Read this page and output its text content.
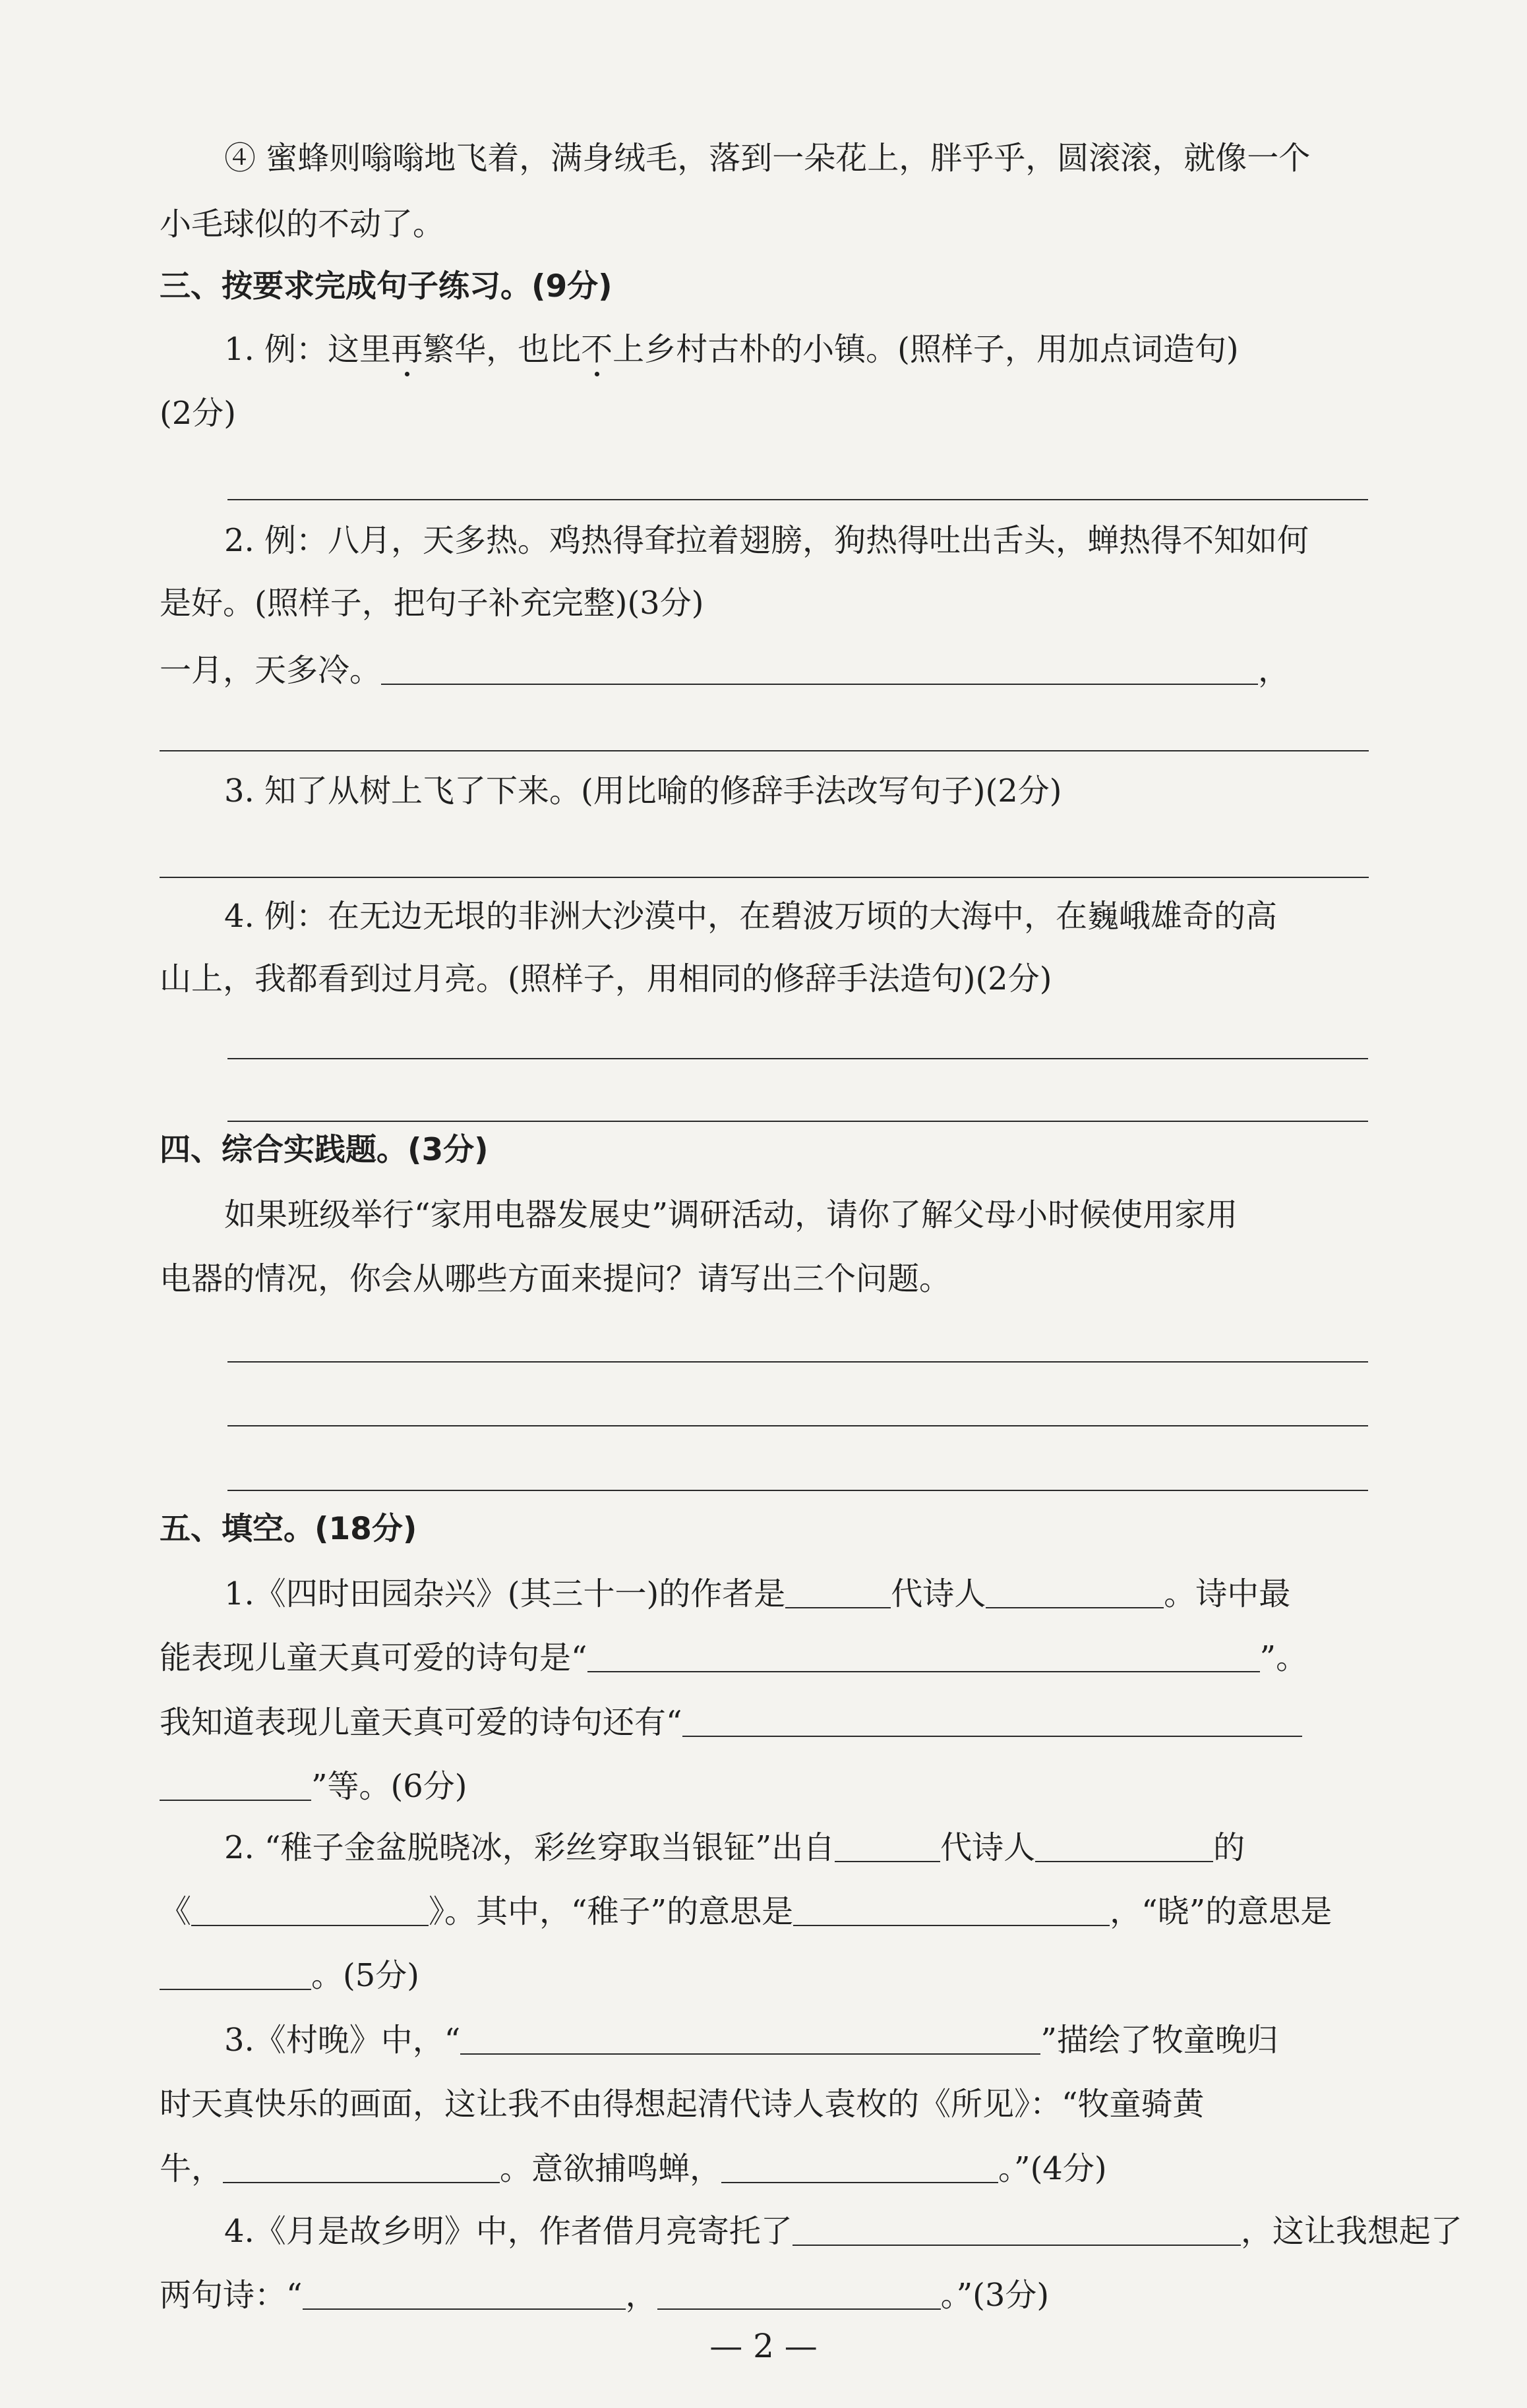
④ 蜜蜂则嗡嗡地飞着，满身绒毛，落到一朵花上，胖乎乎，圆滚滚，就像一个
小毛球似的不动了。
三、按要求完成句子练习。(9分)
1. 例：这里再繁华，也比不上乡村古朴的小镇。(照样子，用加点词造句)
(2分)
2. 例：八月，天多热。鸡热得耷拉着翅膀，狗热得吐出舌头，蝉热得不知如何
是好。(照样子，把句子补充完整)(3分)
一月，天多冷。	，
3. 知了从树上飞了下来。(用比喻的修辞手法改写句子)(2分)
4. 例：在无边无垠的非洲大沙漠中，在碧波万顷的大海中，在巍峨雄奇的高
山上，我都看到过月亮。(照样子，用相同的修辞手法造句)(2分)
四、综合实践题。(3分)
如果班级举行“家用电器发展史”调研活动，请你了解父母小时候使用家用
电器的情况，你会从哪些方面来提问？请写出三个问题。
五、填空。(18分)
1.《四时田园杂兴》(其三十一)的作者是	代诗人	。诗中最
能表现儿童天真可爱的诗句是“	”。
我知道表现儿童天真可爱的诗句还有“
”等。(6分)
2. “稚子金盆脱晓冰，彩丝穿取当银钲”出自	代诗人	的
《	》。其中，“稚子”的意思是	，“晓”的意思是
。(5分)
3.《村晚》中，“	”描绘了牧童晚归
时天真快乐的画面，这让我不由得想起清代诗人袁枚的《所见》：“牧童骑黄
牛，	。意欲捕鸣蝉，	。”(4分)
4.《月是故乡明》中，作者借月亮寄托了	，这让我想起了
两句诗：“	，	。”(3分)
— 2 —
